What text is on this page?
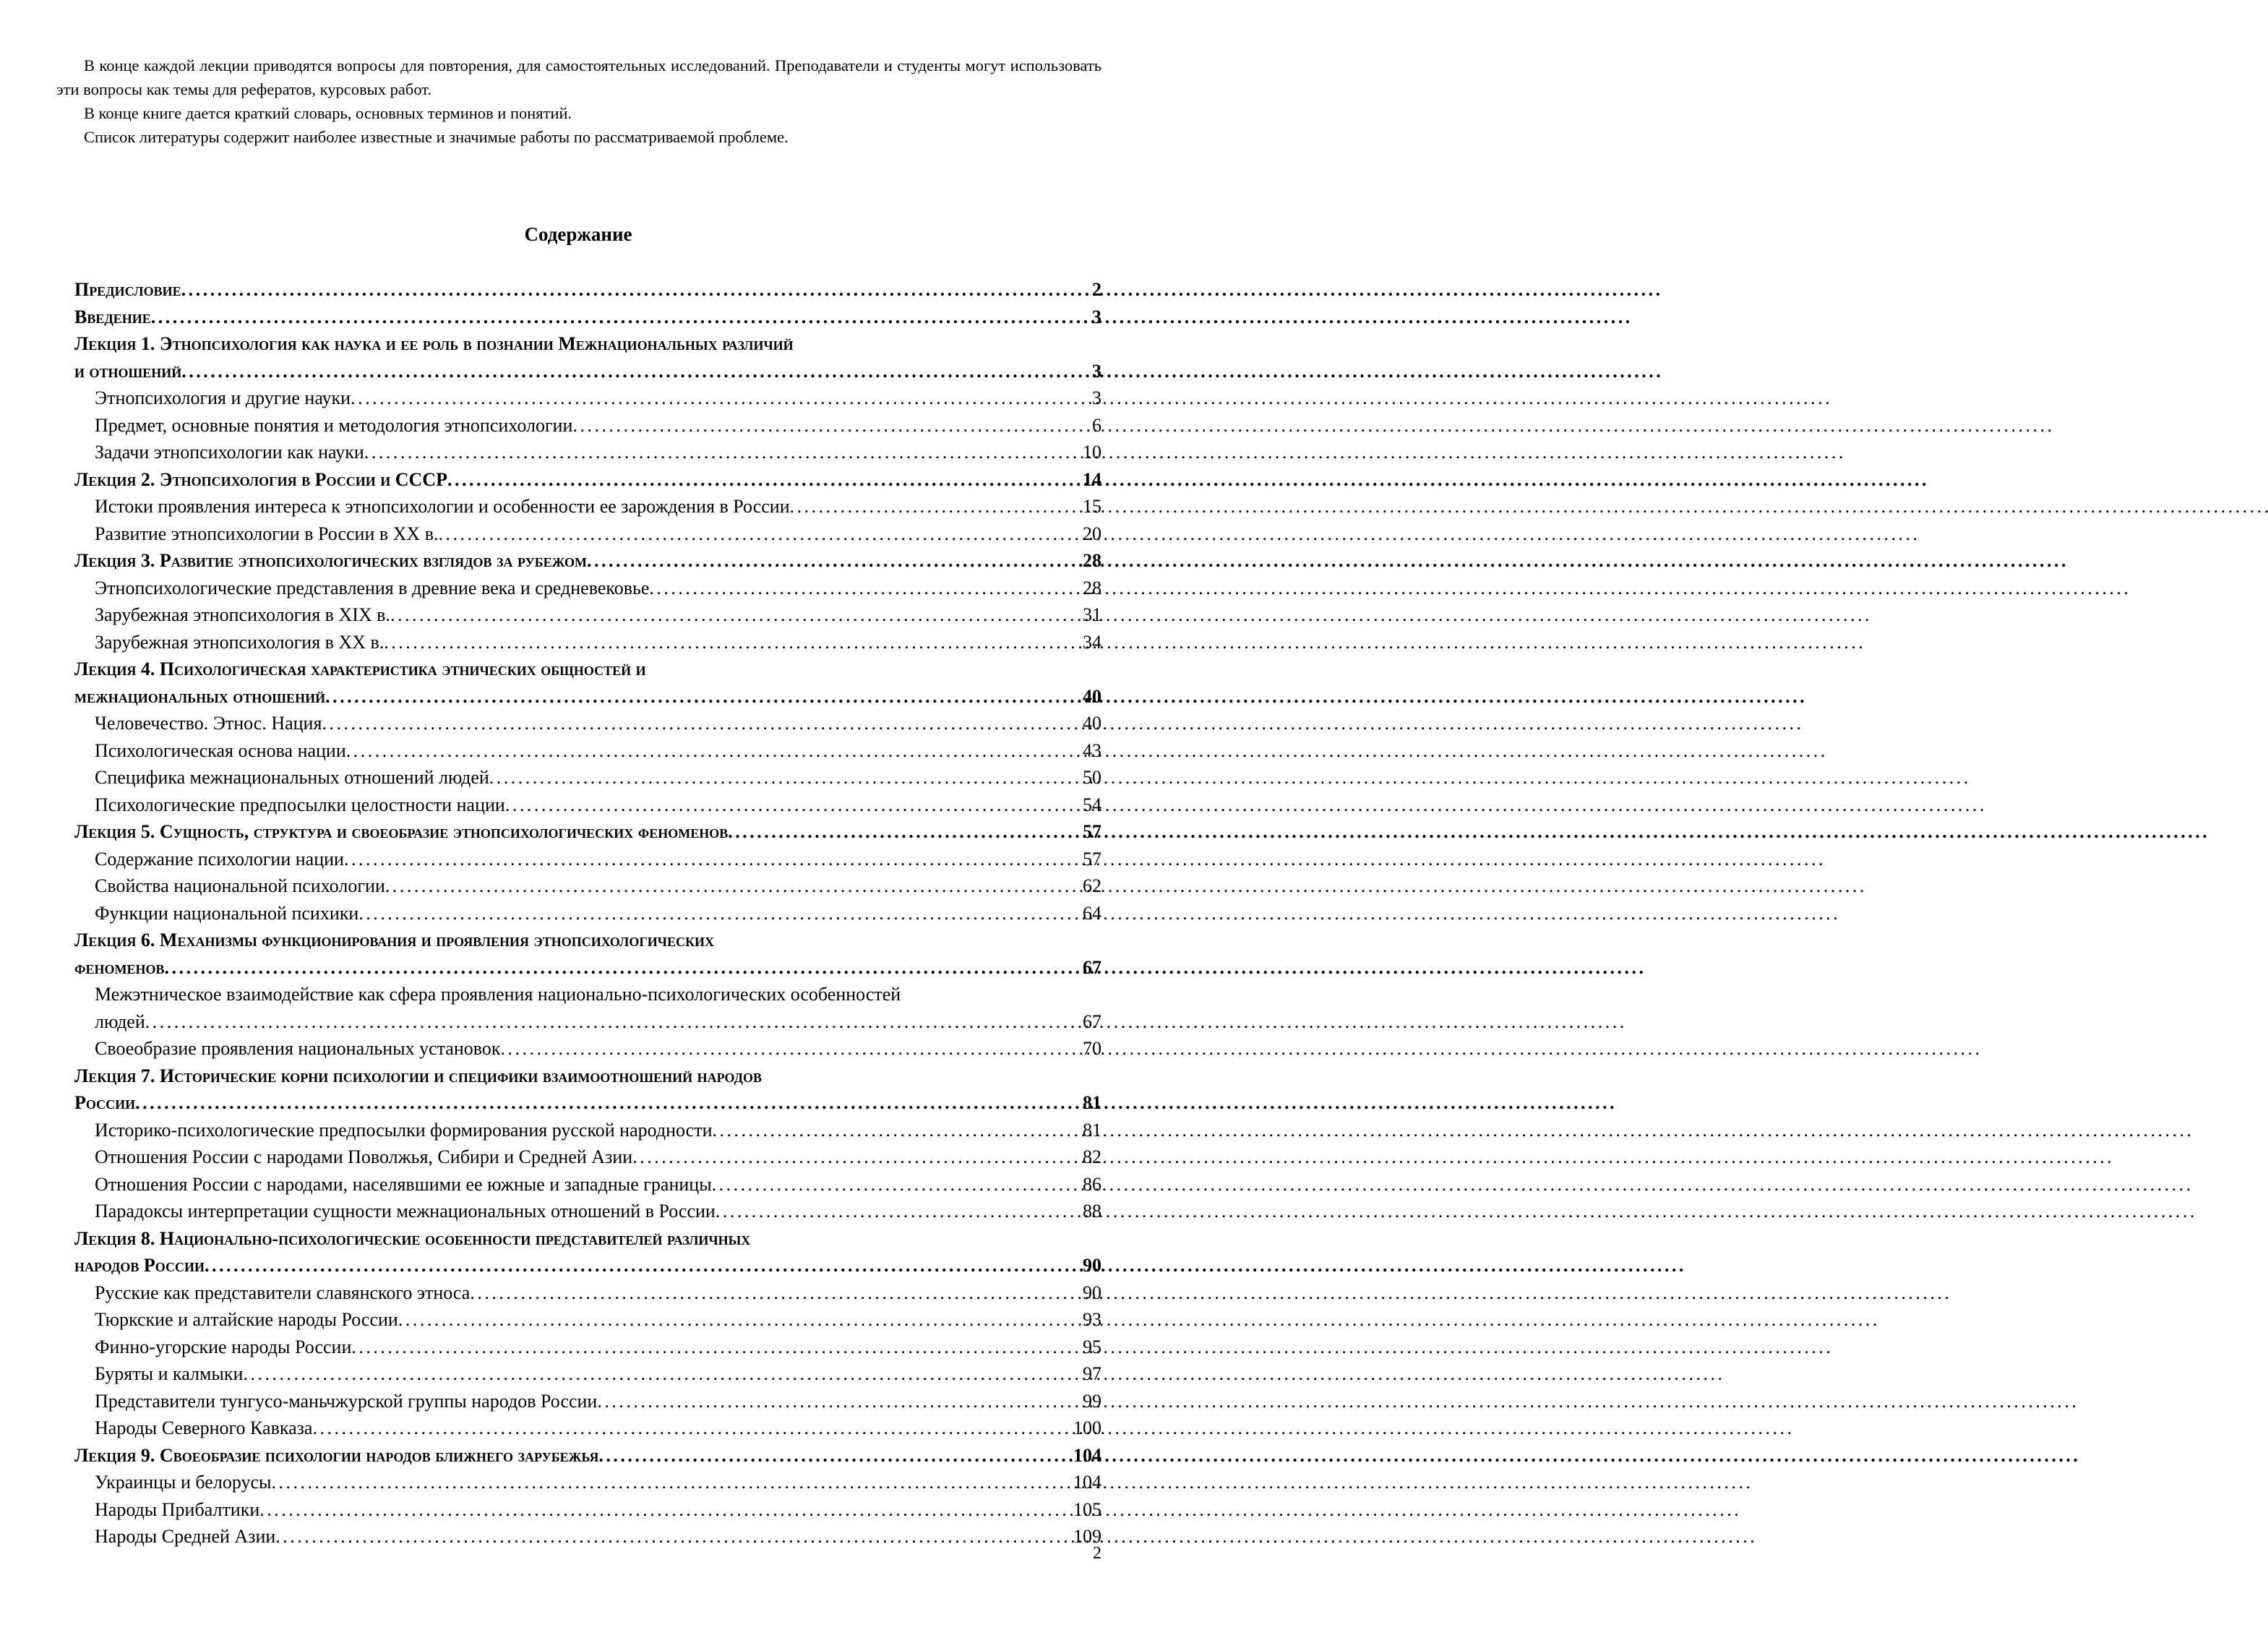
В конце каждой лекции приводятся вопросы для повторения, для самостоятельных исследований. Преподаватели и студенты могут использовать эти вопросы как темы для рефератов, курсовых работ.

В конце книге дается краткий словарь, основных терминов и понятий.

Список литературы содержит наиболее известные и значимые работы по рассматриваемой проблеме.

Содержание
Предисловие . . .	2
Введение . . .	3
Лекция 1. Этнопсихология как наука и ее роль в познании Межнациональных различий
и отношений . . .	3
Этнопсихология и другие науки . . .	3
Предмет, основные понятия и методология этнопсихологии . . .	6
Задачи этнопсихологии как науки . . .	10
Лекция 2. Этнопсихология в России и СССР . . .	14
Истоки проявления интереса к этнопсихологии и особенности ее зарождения в России . . .	15
Развитие этнопсихологии в России в XX в. . . .	20
Лекция 3. Развитие этнопсихологических взглядов за рубежом . . .	28
Этнопсихологические представления в древние века и средневековье . . .	28
Зарубежная этнопсихология в XIX в. . . .	31
Зарубежная этнопсихология в XX в. . . .	34
Лекция 4. Психологическая характеристика этнических общностей и
межнациональных отношений . . .	40
Человечество. Этнос. Нация . . .	40
Психологическая основа нации . . .	43
Специфика межнациональных отношений людей . . .	50
Психологические предпосылки целостности нации . . .	54
Лекция 5. Сущность, структура и своеобразие этнопсихологических феноменов . . .	57
Содержание психологии нации . . .	57
Свойства национальной психологии . . .	62
Функции национальной психики . . .	64
Лекция 6. Механизмы функционирования и проявления этнопсихологических
феноменов . . .	67
Межэтническое взаимодействие как сфера проявления национально-психологических особенностей
людей . . .	67
Своеобразие проявления национальных установок . . .	70
Лекция 7. Исторические корни психологии и специфики взаимоотношений народов
России . . .	81
Историко-психологические предпосылки формирования русской народности . . .	81
Отношения России с народами Поволжья, Сибири и Средней Азии . . .	82
Отношения России с народами, населявшими ее южные и западные границы . . .	86
Парадоксы интерпретации сущности межнациональных отношений в России . . .	88
Лекция 8. Национально-психологические особенности представителей различных
народов России . . .	90
Русские как представители славянского этноса . . .	90
Тюркские и алтайские народы России . . .	93
Финно-угорские народы России . . .	95
Буряты и калмыки . . .	97
Представители тунгусо-маньчжурской группы народов России . . .	99
Народы Северного Кавказа . . .	100
Лекция 9. Своеобразие психологии народов ближнего зарубежья . . .	104
Украинцы и белорусы . . .	104
Народы Прибалтики . . .	105
Народы Средней Азии . . .	109
2
